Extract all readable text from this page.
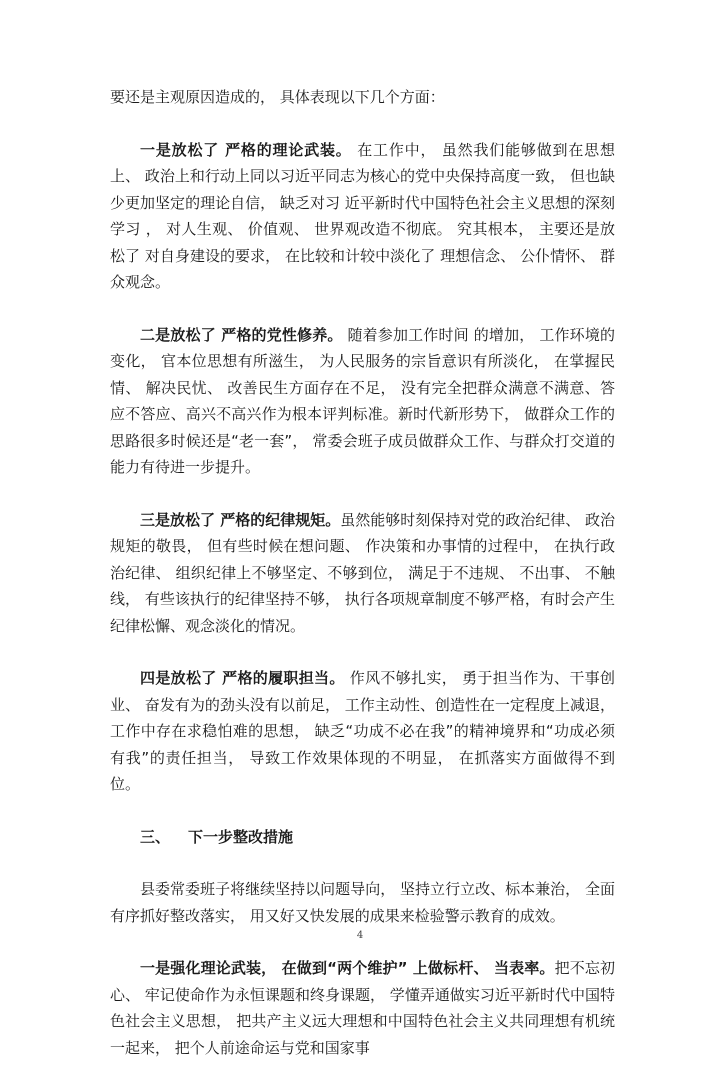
要还是主观原因造成的， 具体表现以下几个方面：

一是放松了 严格的理论武装。 在工作中， 虽然我们能够做到在思想上、 政治上和行动上同以习近平同志为核心的党中央保持高度一致， 但也缺少更加坚定的理论自信， 缺乏对习 近平新时代中国特色社会主义思想的深刻学习 ， 对人生观、 价值观、 世界观改造不彻底。 究其根本， 主要还是放松了 对自身建设的要求， 在比较和计较中淡化了 理想信念、 公仆情怀、 群众观念。

二是放松了 严格的党性修养。 随着参加工作时间 的增加， 工作环境的变化， 官本位思想有所滋生， 为人民服务的宗旨意识有所淡化， 在掌握民情、 解决民忧、 改善民生方面存在不足， 没有完全把群众满意不满意、答应不答应、高兴不高兴作为根本评判标准。新时代新形势下， 做群众工作的思路很多时候还是“老一套”， 常委会班子成员做群众工作、与群众打交道的能力有待进一步提升。

三是放松了 严格的纪律规矩。虽然能够时刻保持对党的政治纪律、 政治规矩的敬畏， 但有些时候在想问题、 作决策和办事情的过程中， 在执行政治纪律、 组织纪律上不够坚定、不够到位， 满足于不违规、 不出事、 不触线， 有些该执行的纪律坚持不够， 执行各项规章制度不够严格，有时会产生纪律松懈、观念淡化的情况。

四是放松了 严格的履职担当。 作风不够扎实， 勇于担当作为、干事创业、 奋发有为的劲头没有以前足， 工作主动性、创造性在一定程度上减退， 工作中存在求稳怕难的思想， 缺乏“功成不必在我”的精神境界和“功成必须有我”的责任担当， 导致工作效果体现的不明显， 在抓落实方面做得不到位。

三、 下一步整改措施

县委常委班子将继续坚持以问题导向， 坚持立行立改、标本兼治， 全面有序抓好整改落实， 用又好又快发展的成果来检验警示教育的成效。

一是强化理论武装， 在做到“两个维护” 上做标杆、 当表率。把不忘初心、 牢记使命作为永恒课题和终身课题， 学懂弄通做实习近平新时代中国特色社会主义思想， 把共产主义远大理想和中国特色社会主义共同理想有机统一起来， 把个人前途命运与党和国家事

4
